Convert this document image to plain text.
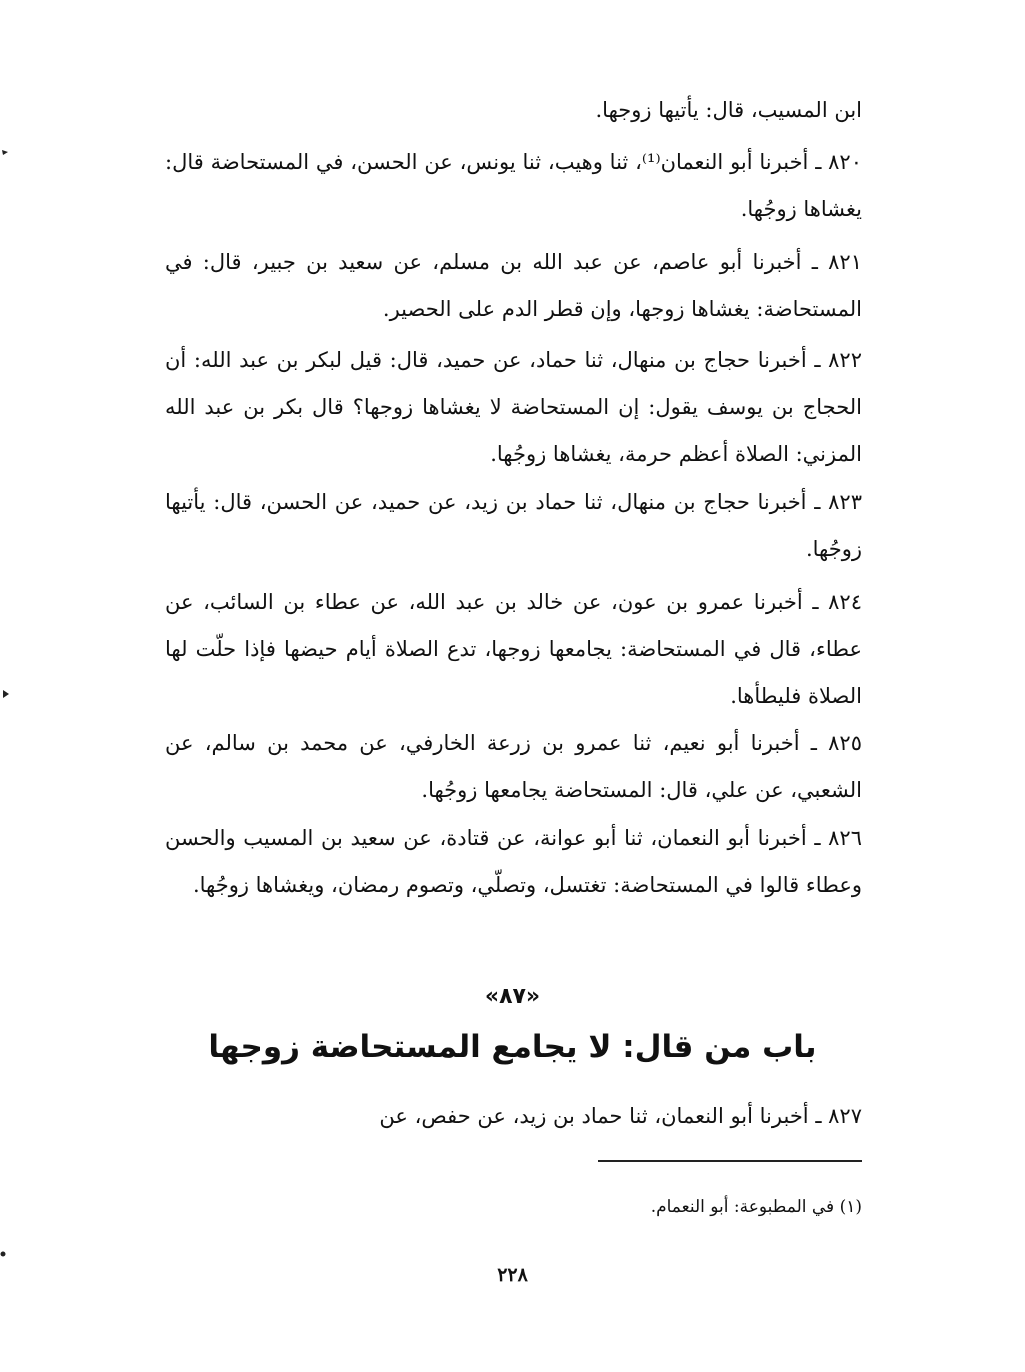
ابن المسيب، قال: يأتيها زوجها.

٨٢٠ ـ أخبرنا أبو النعمان⁽¹⁾، ثنا وهيب، ثنا يونس، عن الحسن، في المستحاضة قال: يغشاها زوجُها.

٨٢١ ـ أخبرنا أبو عاصم، عن عبد الله بن مسلم، عن سعيد بن جبير، قال: في المستحاضة: يغشاها زوجها، وإن قطر الدم على الحصير.

٨٢٢ ـ أخبرنا حجاج بن منهال، ثنا حماد، عن حميد، قال: قيل لبكر بن عبد الله: أن الحجاج بن يوسف يقول: إن المستحاضة لا يغشاها زوجها؟ قال بكر بن عبد الله المزني: الصلاة أعظم حرمة، يغشاها زوجُها.

٨٢٣ ـ أخبرنا حجاج بن منهال، ثنا حماد بن زيد، عن حميد، عن الحسن، قال: يأتيها زوجُها.

٨٢٤ ـ أخبرنا عمرو بن عون، عن خالد بن عبد الله، عن عطاء بن السائب، عن عطاء، قال في المستحاضة: يجامعها زوجها، تدع الصلاة أيام حيضها فإذا حلّت لها الصلاة فليطأها.

٨٢٥ ـ أخبرنا أبو نعيم، ثنا عمرو بن زرعة الخارفي، عن محمد بن سالم، عن الشعبي، عن علي، قال: المستحاضة يجامعها زوجُها.

٨٢٦ ـ أخبرنا أبو النعمان، ثنا أبو عوانة، عن قتادة، عن سعيد بن المسيب والحسن وعطاء قالوا في المستحاضة: تغتسل، وتصلّي، وتصوم رمضان، ويغشاها زوجُها.

«٨٧»
باب من قال: لا يجامع المستحاضة زوجها

٨٢٧ ـ أخبرنا أبو النعمان، ثنا حماد بن زيد، عن حفص، عن

(١) في المطبوعة: أبو النعمام.
٢٢٨
